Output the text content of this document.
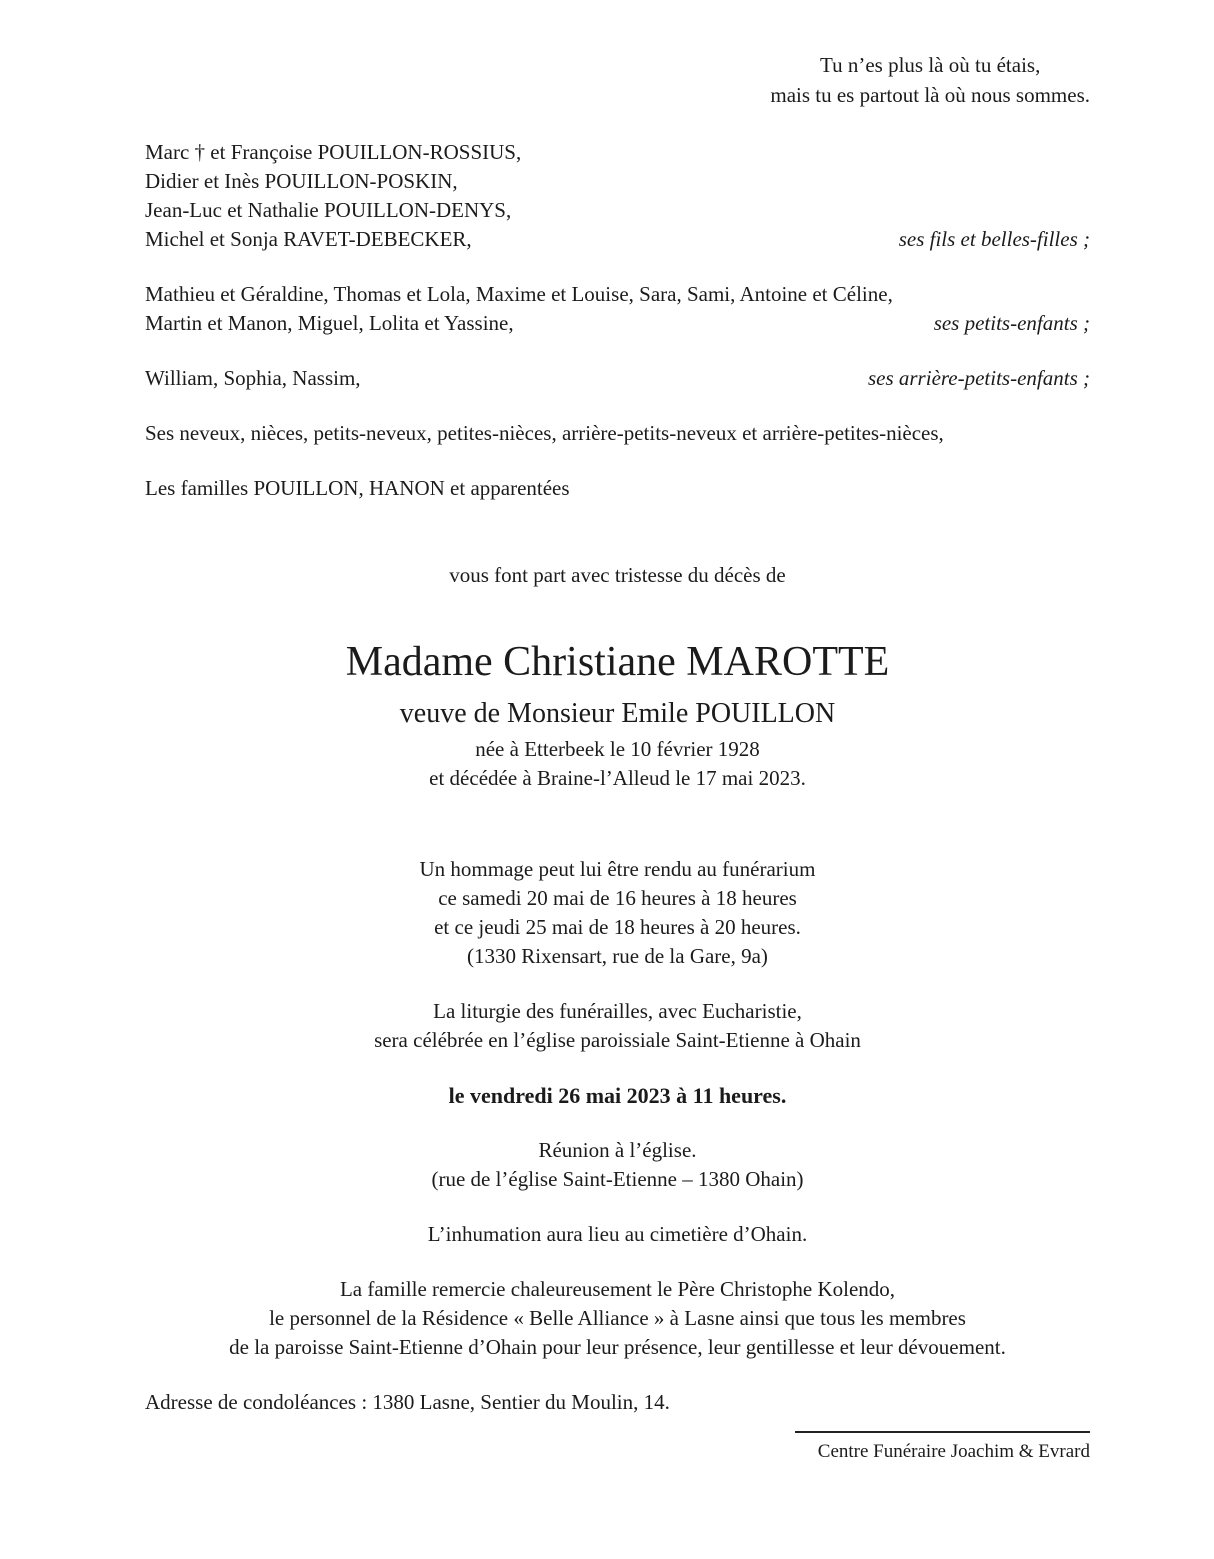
Tu n’es plus là où tu étais,
mais tu es partout là où nous sommes.
Marc † et Françoise POUILLON-ROSSIUS,
Didier et Inès POUILLON-POSKIN,
Jean-Luc et Nathalie POUILLON-DENYS,
Michel et Sonja RAVET-DEBECKER,	ses fils et belles-filles ;
Mathieu et Géraldine, Thomas et Lola, Maxime et Louise, Sara, Sami, Antoine et Céline,
Martin et Manon, Miguel, Lolita et Yassine,	ses petits-enfants ;
William, Sophia, Nassim,	ses arrière-petits-enfants ;
Ses neveux, nièces, petits-neveux, petites-nièces, arrière-petits-neveux et arrière-petites-nièces,
Les familles POUILLON, HANON et apparentées
vous font part avec tristesse du décès de
Madame Christiane MAROTTE
veuve de Monsieur Emile POUILLON
née à Etterbeek le 10 février 1928
et décédée à Braine-l’Alleud le 17 mai 2023.
Un hommage peut lui être rendu au funérarium
ce samedi 20 mai de 16 heures à 18 heures
et ce jeudi 25 mai de 18 heures à 20 heures.
(1330 Rixensart, rue de la Gare, 9a)
La liturgie des funérailles, avec Eucharistie,
sera célébrée en l’église paroissiale Saint-Etienne à Ohain
le vendredi 26 mai 2023 à 11 heures.
Réunion à l’église.
(rue de l’église Saint-Etienne – 1380 Ohain)
L’inhumation aura lieu au cimetière d’Ohain.
La famille remercie chaleureusement le Père Christophe Kolendo,
le personnel de la Résidence « Belle Alliance » à Lasne ainsi que tous les membres
de la paroisse Saint-Etienne d’Ohain pour leur présence, leur gentillesse et leur dévouement.
Adresse de condoléances : 1380 Lasne, Sentier du Moulin, 14.
Centre Funéraire Joachim & Evrard
